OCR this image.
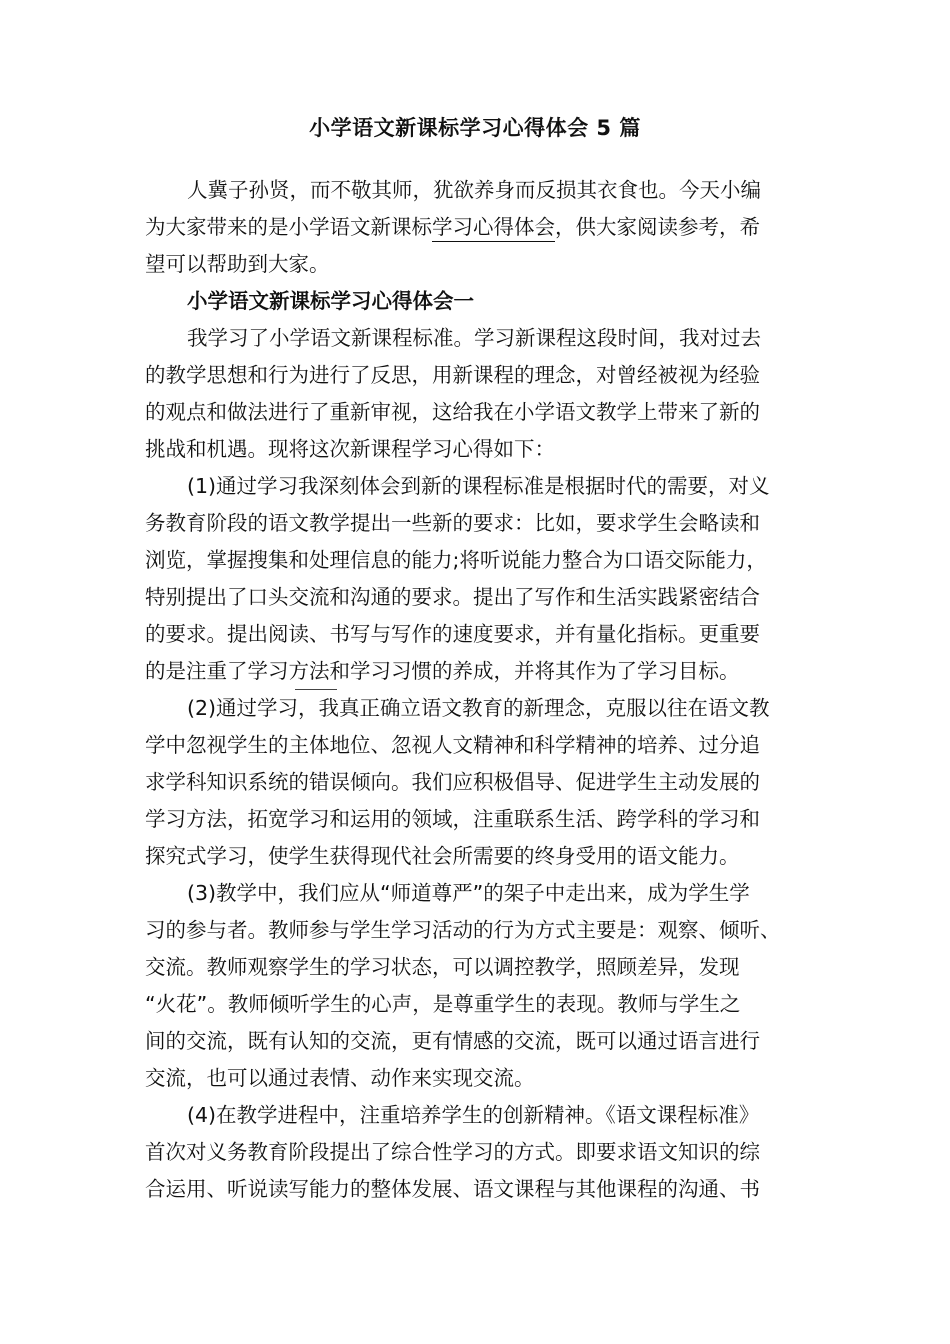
小学语文新课标学习心得体会 5 篇
人冀子孙贤，而不敬其师，犹欲养身而反损其衣食也。今天小编
为大家带来的是小学语文新课标学习心得体会，供大家阅读参考，希
望可以帮助到大家。
小学语文新课标学习心得体会一
我学习了小学语文新课程标准。学习新课程这段时间，我对过去
的教学思想和行为进行了反思，用新课程的理念，对曾经被视为经验
的观点和做法进行了重新审视，这给我在小学语文教学上带来了新的
挑战和机遇。现将这次新课程学习心得如下：
(1)通过学习我深刻体会到新的课程标准是根据时代的需要，对义
务教育阶段的语文教学提出一些新的要求：比如，要求学生会略读和
浏览，掌握搜集和处理信息的能力;将听说能力整合为口语交际能力，
特别提出了口头交流和沟通的要求。提出了写作和生活实践紧密结合
的要求。提出阅读、书写与写作的速度要求，并有量化指标。更重要
的是注重了学习方法和学习习惯的养成，并将其作为了学习目标。
(2)通过学习，我真正确立语文教育的新理念，克服以往在语文教
学中忽视学生的主体地位、忽视人文精神和科学精神的培养、过分追
求学科知识系统的错误倾向。我们应积极倡导、促进学生主动发展的
学习方法，拓宽学习和运用的领域，注重联系生活、跨学科的学习和
探究式学习，使学生获得现代社会所需要的终身受用的语文能力。
(3)教学中，我们应从“师道尊严”的架子中走出来，成为学生学
习的参与者。教师参与学生学习活动的行为方式主要是：观察、倾听、
交流。教师观察学生的学习状态，可以调控教学，照顾差异，发现
“火花”。教师倾听学生的心声，是尊重学生的表现。教师与学生之
间的交流，既有认知的交流，更有情感的交流，既可以通过语言进行
交流，也可以通过表情、动作来实现交流。
(4)在教学进程中，注重培养学生的创新精神。《语文课程标准》
首次对义务教育阶段提出了综合性学习的方式。即要求语文知识的综
合运用、听说读写能力的整体发展、语文课程与其他课程的沟通、书
